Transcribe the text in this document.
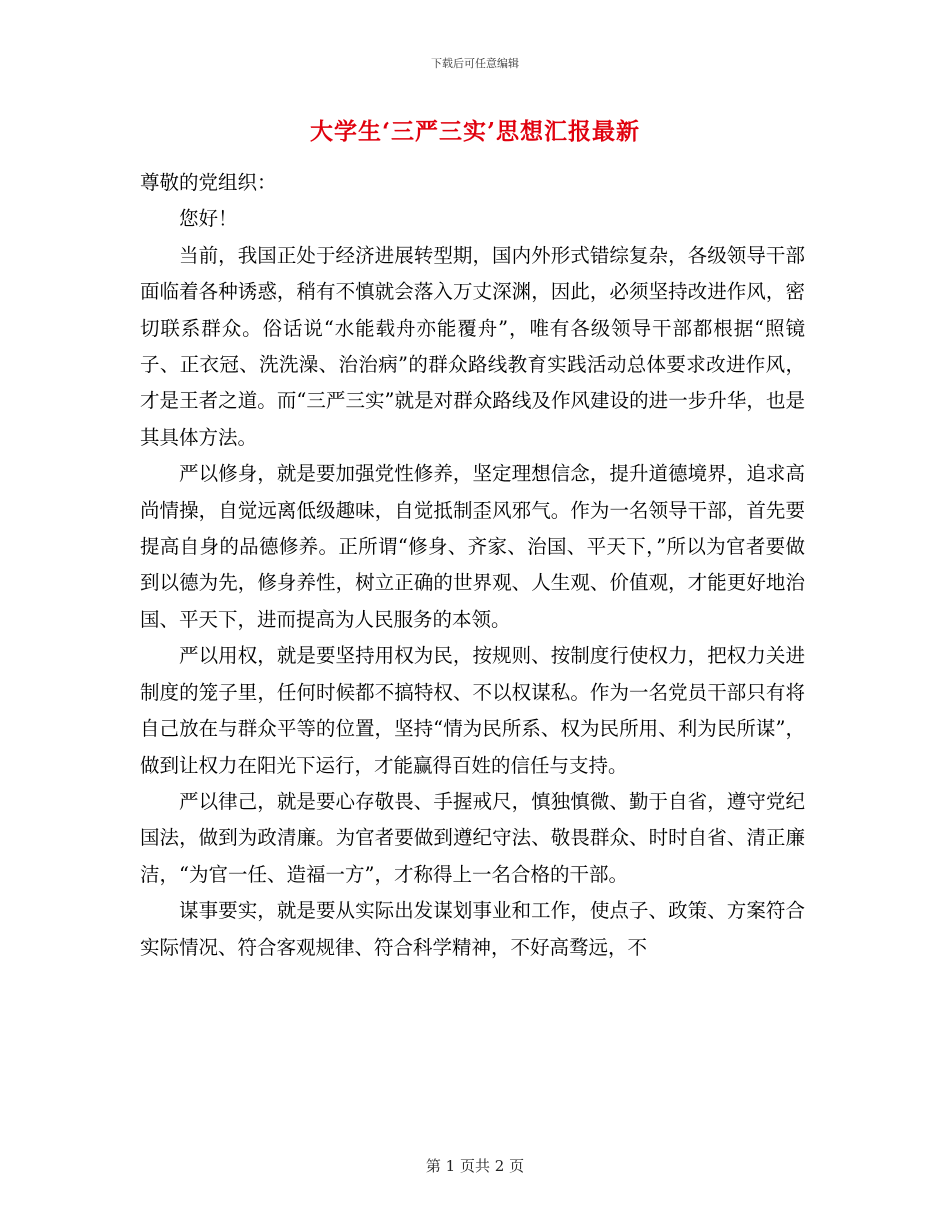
下载后可任意编辑
大学生‘三严三实’思想汇报最新

尊敬的党组织：

您好！

当前，我国正处于经济进展转型期，国内外形式错综复杂，各级领导干部面临着各种诱惑，稍有不慎就会落入万丈深渊，因此，必须坚持改进作风，密切联系群众。俗话说“水能载舟亦能覆舟”，唯有各级领导干部都根据“照镜子、正衣冠、洗洗澡、治治病”的群众路线教育实践活动总体要求改进作风，才是王者之道。而“三严三实”就是对群众路线及作风建设的进一步升华，也是其具体方法。

严以修身，就是要加强党性修养，坚定理想信念，提升道德境界，追求高尚情操，自觉远离低级趣味，自觉抵制歪风邪气。作为一名领导干部，首先要提高自身的品德修养。正所谓“修身、齐家、治国、平天下，”所以为官者要做到以德为先，修身养性，树立正确的世界观、人生观、价值观，才能更好地治国、平天下，进而提高为人民服务的本领。

严以用权，就是要坚持用权为民，按规则、按制度行使权力，把权力关进制度的笼子里，任何时候都不搞特权、不以权谋私。作为一名党员干部只有将自己放在与群众平等的位置，坚持“情为民所系、权为民所用、利为民所谋”，做到让权力在阳光下运行，才能赢得百姓的信任与支持。

严以律己，就是要心存敬畏、手握戒尺，慎独慎微、勤于自省，遵守党纪国法，做到为政清廉。为官者要做到遵纪守法、敬畏群众、时时自省、清正廉洁，“为官一任、造福一方”，才称得上一名合格的干部。

谋事要实，就是要从实际出发谋划事业和工作，使点子、政策、方案符合实际情况、符合客观规律、符合科学精神，不好高骛远，不

第 1 页共 2 页
